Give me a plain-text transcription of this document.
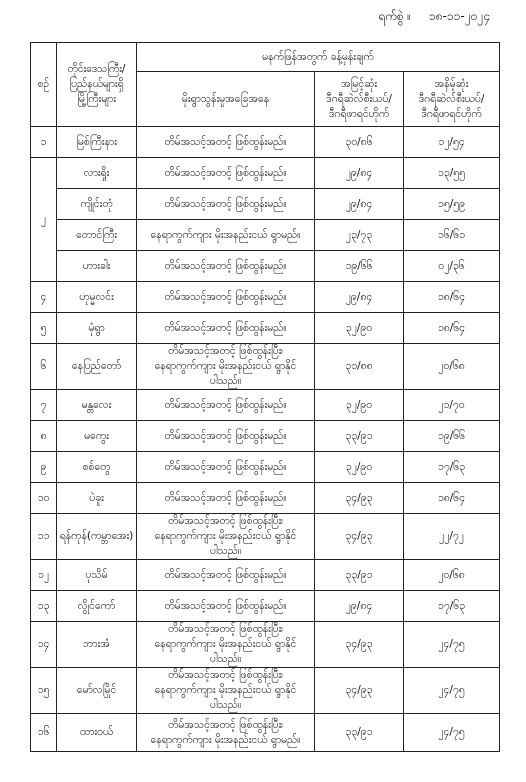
ရက်စွဲ ။ ၁၈-၁၁-၂၀၂၄
စဉ်	တိုင်းဒေသကြီး/
ပြည်နယ်များရှိ
မြို့ကြီးများ	မနက်ဖြန်အတွက် ခန့်မှန်းချက်		
		မိုးရွာသွန်းမှုအခြေအနေ	အမြင့်ဆုံး
ဒီဂရီဆဲလ်စီးယပ်/
ဒီဂရီဖာရင်ဟိုက်	အနိမ့်ဆုံး
ဒီဂရီဆဲလ်စီးယပ်/
ဒီဂရီဖာရင်ဟိုက်

၁	မြစ်ကြီးနား	တိမ်အသင့်အတင့် ဖြစ်ထွန်းမည်။	၃၀/၈၆	၁၂/၅၄
၂	လားရှိုး	တိမ်အသင့်အတင့် ဖြစ်ထွန်းမည်။	၂၉/၈၄	၁၃/၅၅
	ကျိုင်းတုံ	တိမ်အသင့်အတင့် ဖြစ်ထွန်းမည်။	၂၉/၈၄	၁၅/၅၉
	တောင်ကြီး	နေရာကွက်ကျား မိုးအနည်းငယ် ရွာမည်။	၂၃/၇၃	၁၆/၆၁
	ဟားခါး	တိမ်အသင့်အတင့် ဖြစ်ထွန်းမည်။	၁၉/၆၆	၀၂/၃၆
၄	ဟုမ္မလင်း	တိမ်အသင့်အတင့် ဖြစ်ထွန်းမည်။	၂၉/၈၄	၁၈/၆၄
၅	မုံရွာ	တိမ်အသင့်အတင့် ဖြစ်ထွန်းမည်။	၃၂/၉၀	၁၈/၆၄
၆	နေပြည်တော်	တိမ်အသင့်အတင့် ဖြစ်ထွန်းပြီး၊
နေရာကွက်ကျား မိုးအနည်းငယ် ရွာနိုင်ပါသည်။	၃၁/၈၈	၂၀/၆၈
၇	မန္တလေး	တိမ်အသင့်အတင့် ဖြစ်ထွန်းမည်။	၃၂/၉၀	၂၁/၇၀
၈	မကွေး	တိမ်အသင့်အတင့် ဖြစ်ထွန်းမည်။	၃၃/၉၁	၁၉/၆၆
၉	စစ်တွေ	တိမ်အသင့်အတင့် ဖြစ်ထွန်းမည်။	၃၂/၉၀	၁၇/၆၃
၁၀	ပဲခူး	တိမ်အသင့်အတင့် ဖြစ်ထွန်းမည်။	၃၄/၉၃	၁၈/၆၄
၁၁	ရန်ကုန်(ကမ္ဘာအေး)	တိမ်အသင့်အတင့် ဖြစ်ထွန်းပြီး၊
နေရာကွက်ကျား မိုးအနည်းငယ် ရွာနိုင်ပါသည်။	၃၄/၉၃	၂၂/၇၂
၁၂	ပုသိမ်	တိမ်အသင့်အတင့် ဖြစ်ထွန်းမည်။	၃၃/၉၁	၂၀/၆၈
၁၃	လွိုင်ကော်	တိမ်အသင့်အတင့် ဖြစ်ထွန်းမည်။	၂၉/၈၄	၁၇/၆၃
၁၄	ဘားအံ	တိမ်အသင့်အတင့် ဖြစ်ထွန်းပြီး၊
နေရာကွက်ကျား မိုးအနည်းငယ် ရွာနိုင်ပါသည်။	၃၄/၉၃	၂၄/၇၅
၁၅	မော်လမြိုင်	တိမ်အသင့်အတင့် ဖြစ်ထွန်းပြီး၊
နေရာကွက်ကျား မိုးအနည်းငယ် ရွာနိုင်ပါသည်။	၃၄/၉၃	၂၄/၇၅
၁၆	ထားဝယ်	တိမ်အသင့်အတင့် ဖြစ်ထွန်းပြီး၊
နေရာကွက်ကျား မိုးအနည်းငယ် ရွာမည်။	၃၃/၉၁	၂၄/၇၅
